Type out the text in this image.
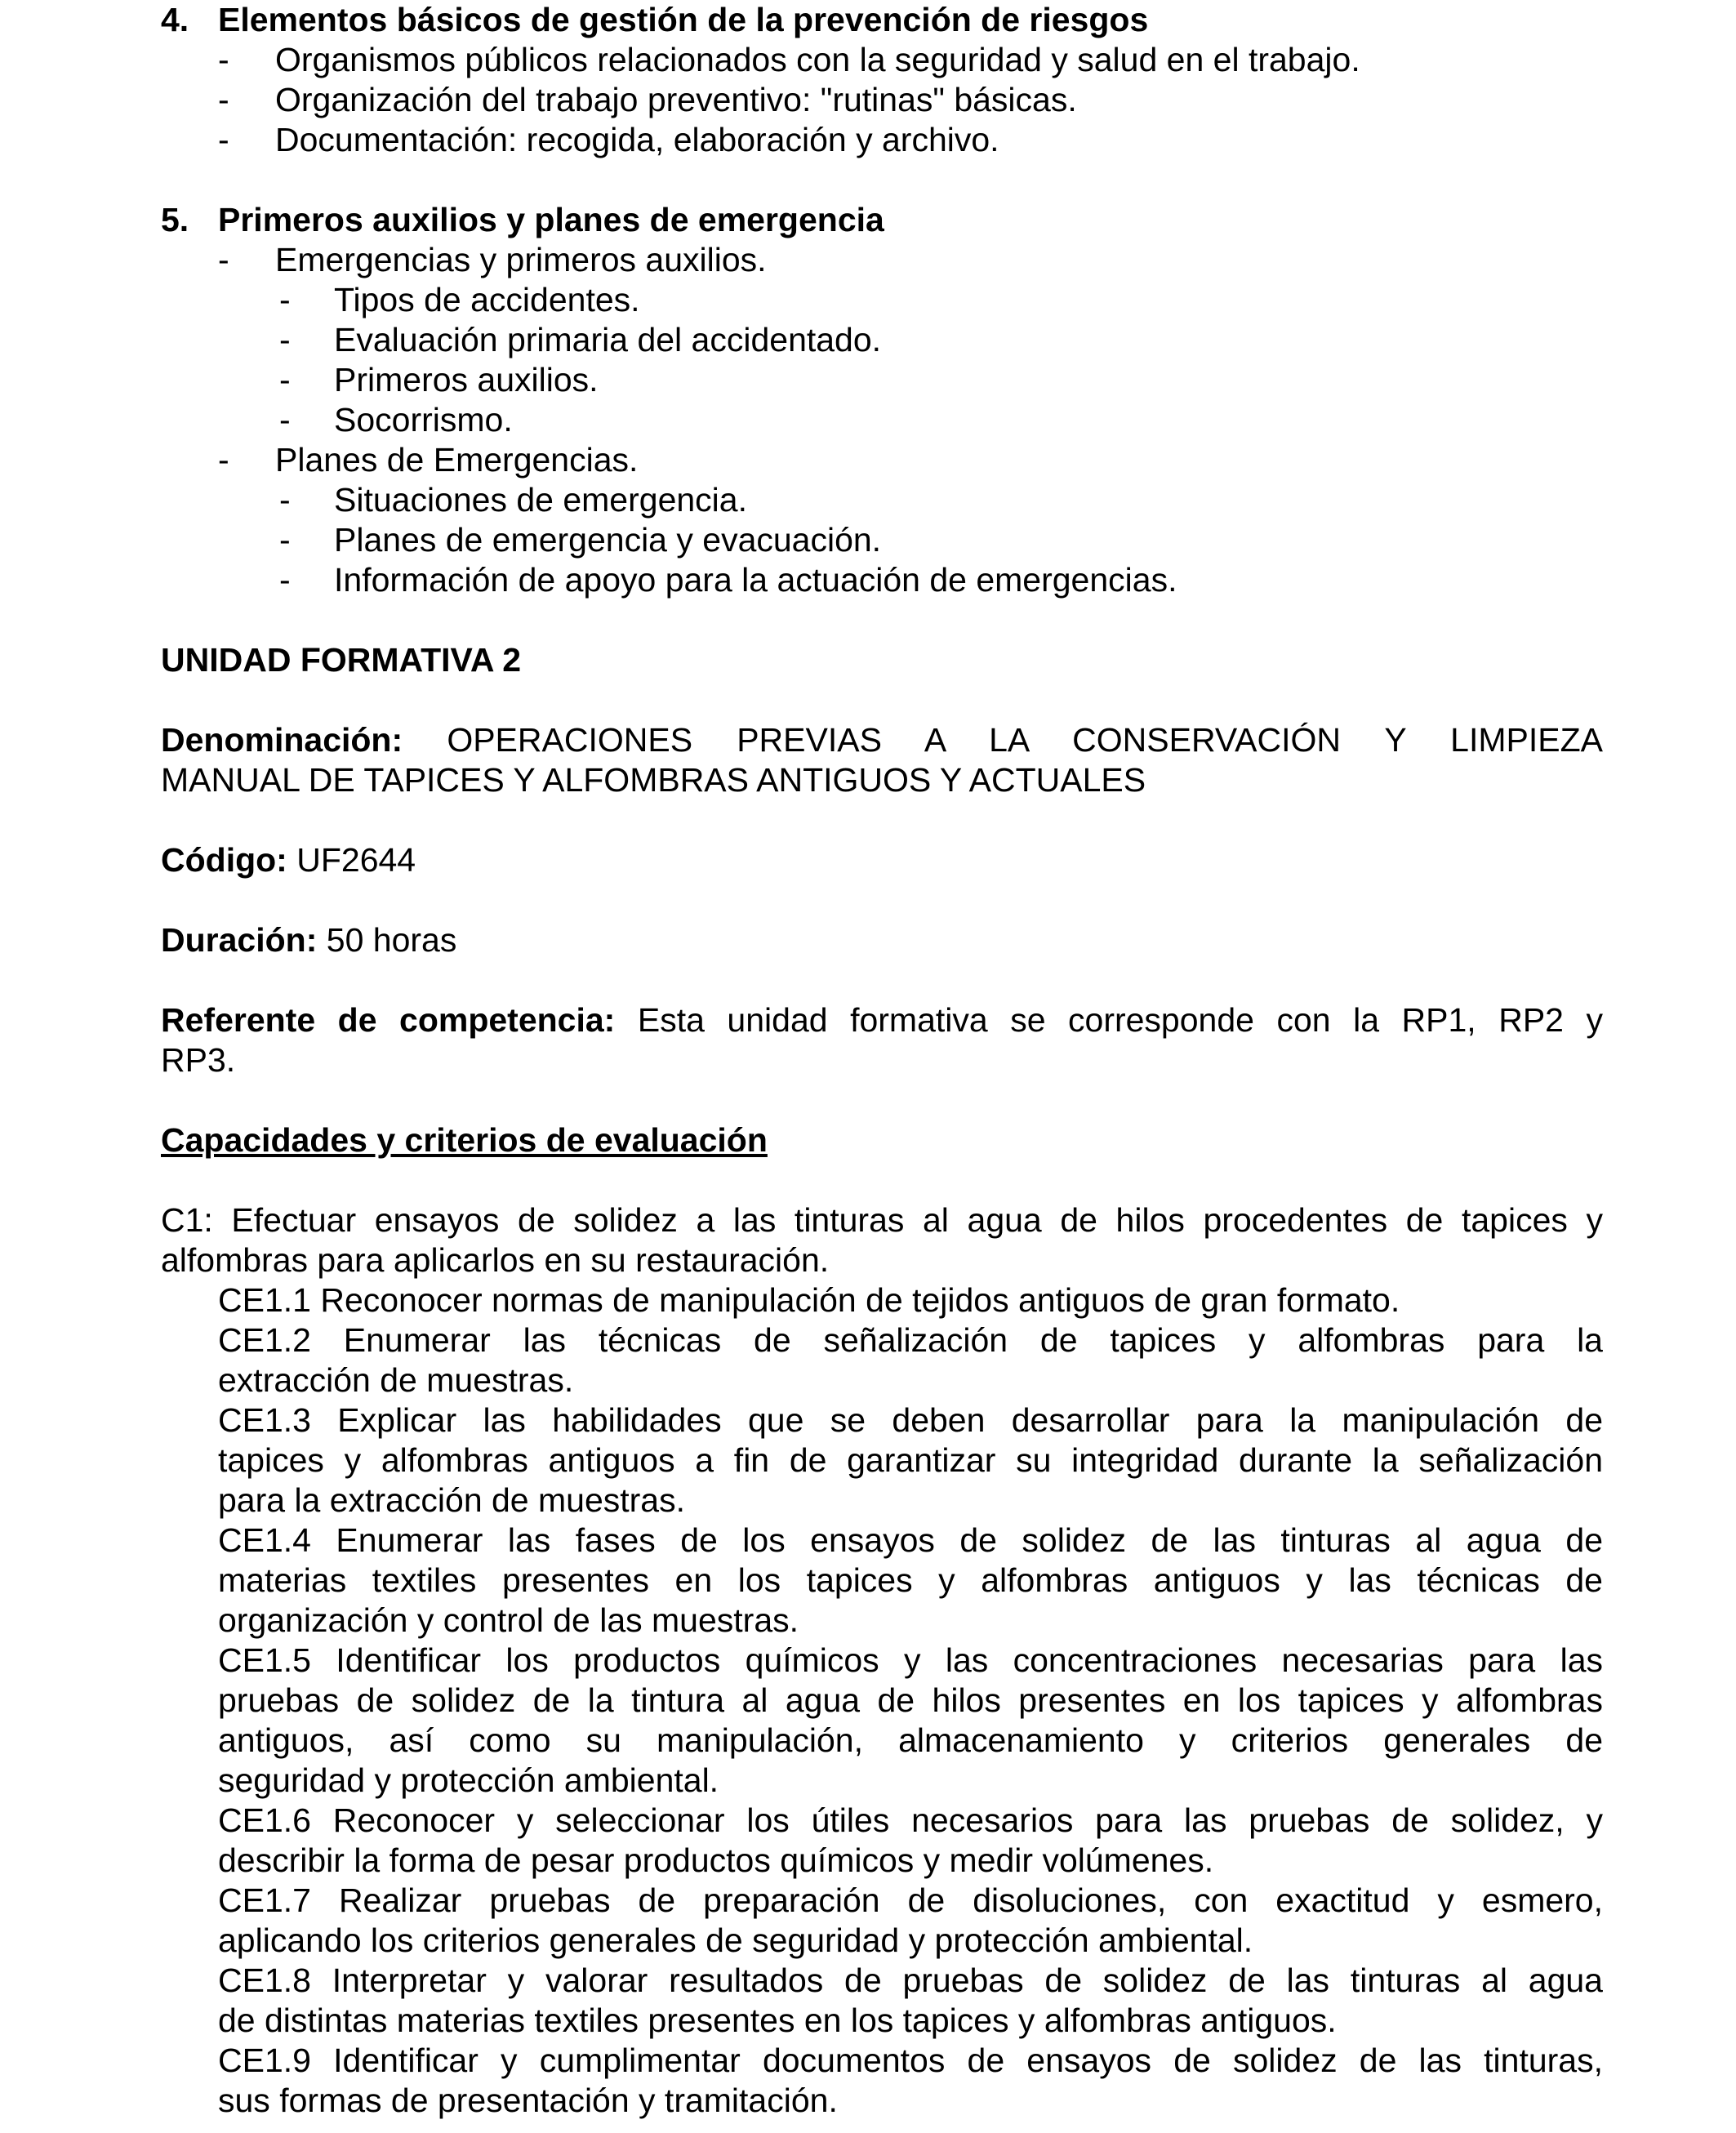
4. Elementos básicos de gestión de la prevención de riesgos
- Organismos públicos relacionados con la seguridad y salud en el trabajo.
- Organización del trabajo preventivo: "rutinas" básicas.
- Documentación: recogida, elaboración y archivo.
5. Primeros auxilios y planes de emergencia
- Emergencias y primeros auxilios.
- Tipos de accidentes.
- Evaluación primaria del accidentado.
- Primeros auxilios.
- Socorrismo.
- Planes de Emergencias.
- Situaciones de emergencia.
- Planes de emergencia y evacuación.
- Información de apoyo para la actuación de emergencias.
UNIDAD FORMATIVA 2
Denominación: OPERACIONES PREVIAS A LA CONSERVACIÓN Y LIMPIEZA
MANUAL DE TAPICES Y ALFOMBRAS ANTIGUOS Y ACTUALES
Código: UF2644
Duración: 50 horas
Referente de competencia: Esta unidad formativa se corresponde con la RP1, RP2 y
RP3.
Capacidades y criterios de evaluación
C1: Efectuar ensayos de solidez a las tinturas al agua de hilos procedentes de tapices y
alfombras para aplicarlos en su restauración.
CE1.1 Reconocer normas de manipulación de tejidos antiguos de gran formato.
CE1.2 Enumerar las técnicas de señalización de tapices y alfombras para la
extracción de muestras.
CE1.3 Explicar las habilidades que se deben desarrollar para la manipulación de
tapices y alfombras antiguos a fin de garantizar su integridad durante la señalización
para la extracción de muestras.
CE1.4 Enumerar las fases de los ensayos de solidez de las tinturas al agua de
materias textiles presentes en los tapices y alfombras antiguos y las técnicas de
organización y control de las muestras.
CE1.5 Identificar los productos químicos y las concentraciones necesarias para las
pruebas de solidez de la tintura al agua de hilos presentes en los tapices y alfombras
antiguos, así como su manipulación, almacenamiento y criterios generales de
seguridad y protección ambiental.
CE1.6 Reconocer y seleccionar los útiles necesarios para las pruebas de solidez, y
describir la forma de pesar productos químicos y medir volúmenes.
CE1.7 Realizar pruebas de preparación de disoluciones, con exactitud y esmero,
aplicando los criterios generales de seguridad y protección ambiental.
CE1.8 Interpretar y valorar resultados de pruebas de solidez de las tinturas al agua
de distintas materias textiles presentes en los tapices y alfombras antiguos.
CE1.9 Identificar y cumplimentar documentos de ensayos de solidez de las tinturas,
sus formas de presentación y tramitación.
